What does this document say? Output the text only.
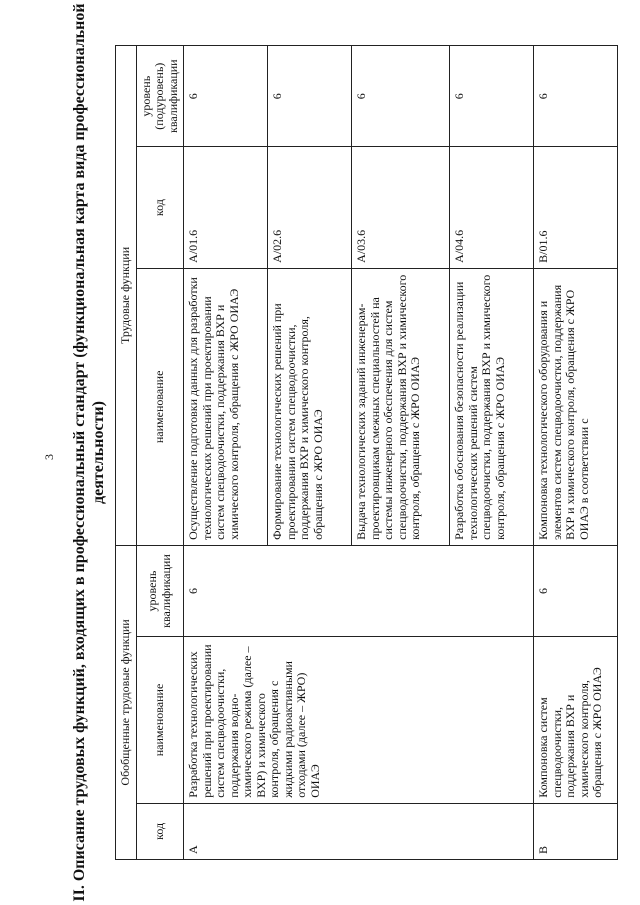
3 II. Описание трудовых функций, входящих в профессиональный стандарт (функциональная карта вида профессиональной деятельности)
Обобщенные трудовые функции			Трудовые функции		
код	наименование	уровень квалификации	наименование	код	уровень (подуровень) квалификации
А	Разработка технологических решений при проектировании систем спецводоочистки, поддержания водно-химического режима (далее – ВХР) и химического контроля, обращения с жидкими радиоактивными отходами (далее – ЖРО) ОИАЭ	6	Осуществление подготовки данных для разработки технологических решений при проектировании систем спецводоочистки, поддержания ВХР и химического контроля, обращения с ЖРО ОИАЭ	A/01.6	6
			Формирование технологических решений при проектировании систем спецводоочистки, поддержания ВХР и химического контроля, обращения с ЖРО ОИАЭ	A/02.6	6
			Выдача технологических заданий инженерам-проектировщикам смежных специальностей на системы инженерного обеспечения для систем спецводоочистки, поддержания ВХР и химического контроля, обращения с ЖРО ОИАЭ	A/03.6	6
			Разработка обоснования безопасности реализации технологических решений систем спецводоочистки, поддержания ВХР и химического контроля, обращения с ЖРО ОИАЭ	A/04.6	6
В	Компоновка систем спецводоочистки, поддержания ВХР и химического контроля, обращения с ЖРО ОИАЭ	6	Компоновка технологического оборудования и элементов систем спецводоочистки, поддержания ВХР и химического контроля, обращения с ЖРО ОИАЭ в соответствии с	B/01.6	6
